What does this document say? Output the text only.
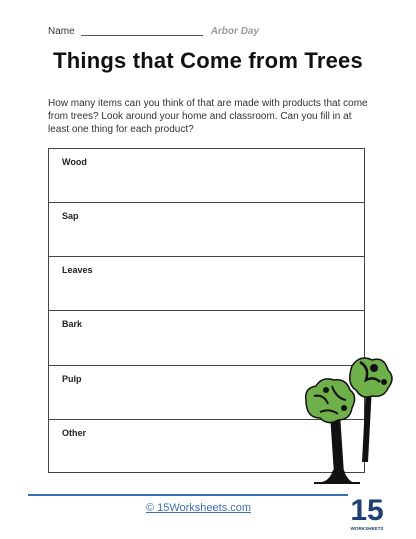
Name	Arbor Day
Things that Come from Trees
How many items can you think of that are made with products that come from trees? Look around your home and classroom. Can you fill in at least one thing for each product?
Wood
Sap
Leaves
Bark
Pulp
Other
© 15Worksheets.com	15
WORKSHEETS
